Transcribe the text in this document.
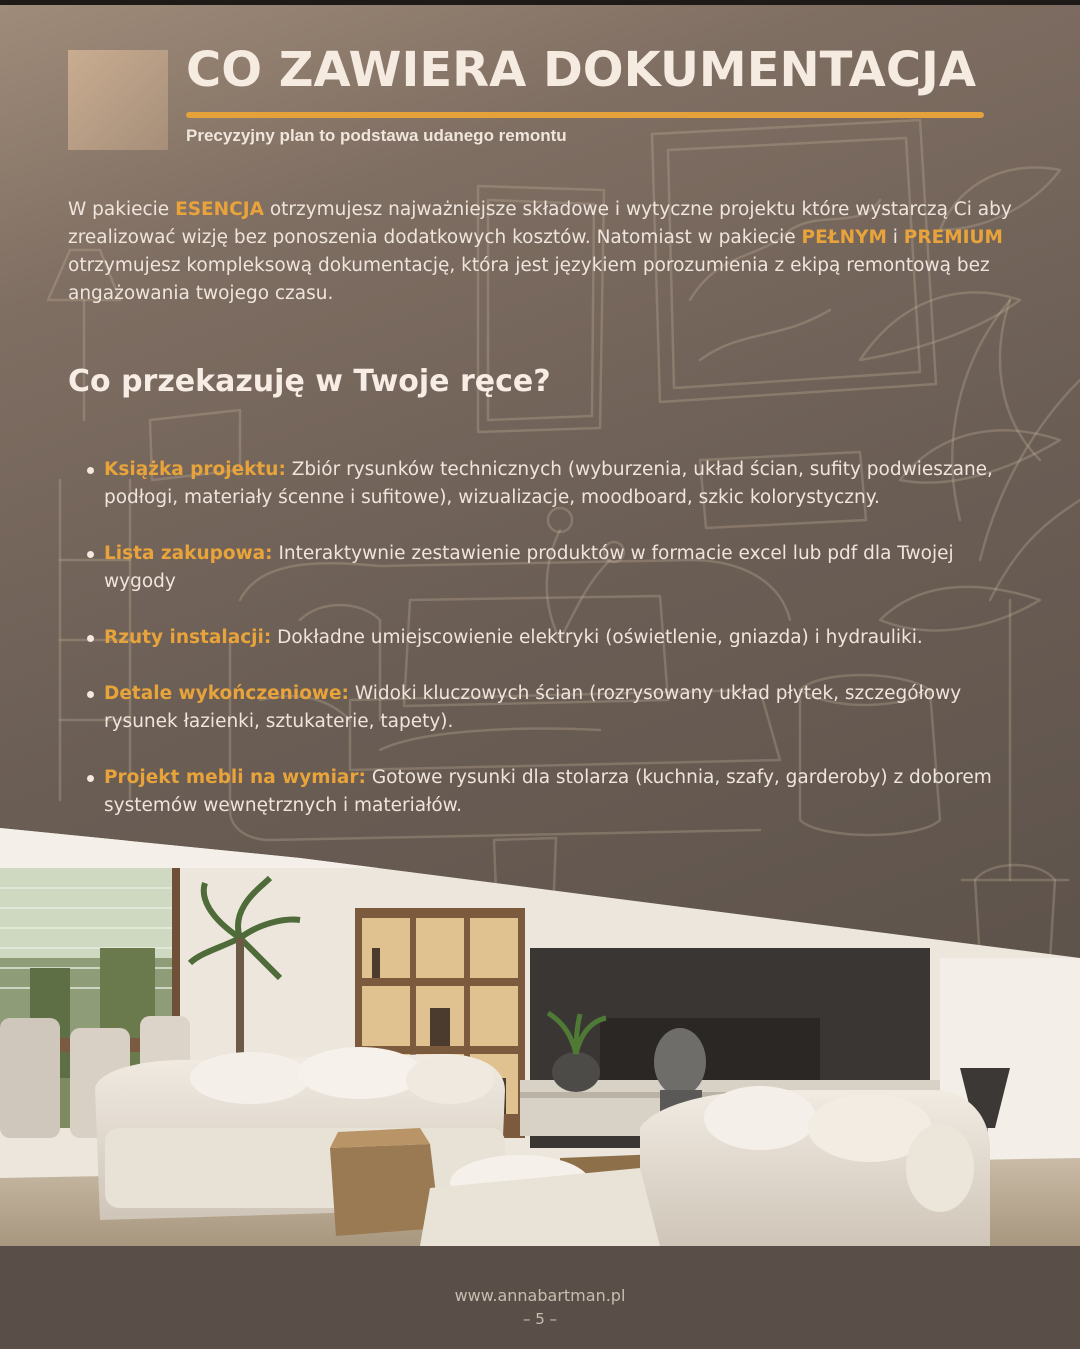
CO ZAWIERA DOKUMENTACJA

Precyzyjny plan to podstawa udanego remontu

W pakiecie ESENCJA otrzymujesz najważniejsze składowe i wytyczne projektu które wystarczą Ci aby zrealizować wizję bez ponoszenia dodatkowych kosztów. Natomiast w pakiecie PEŁNYM i PREMIUM otrzymujesz kompleksową dokumentację, która jest językiem porozumienia z ekipą remontową bez angażowania twojego czasu.

Co przekazuję w Twoje ręce?
Książka projektu: Zbiór rysunków technicznych (wyburzenia, układ ścian, sufity podwieszane, podłogi, materiały ścenne i sufitowe), wizualizacje, moodboard, szkic kolorystyczny.
Lista zakupowa: Interaktywnie zestawienie produktów w formacie excel lub pdf dla Twojej wygody
Rzuty instalacji: Dokładne umiejscowienie elektryki (oświetlenie, gniazda) i hydrauliki.
Detale wykończeniowe: Widoki kluczowych ścian (rozrysowany układ płytek, szczegółowy rysunek łazienki, sztukaterie, tapety).
Projekt mebli na wymiar: Gotowe rysunki dla stolarza (kuchnia, szafy, garderoby) z doborem systemów wewnętrznych i materiałów.
www.annabartman.pl
– 5 –
